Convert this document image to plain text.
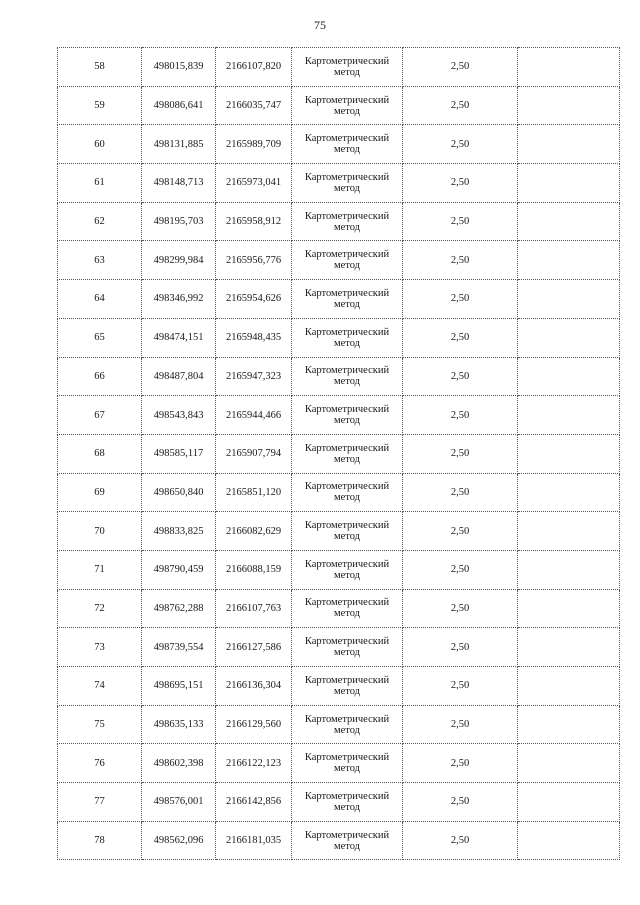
75
58	498015,839	2166107,820	Картометрический
метод	2,50	
59	498086,641	2166035,747	Картометрический
метод	2,50	
60	498131,885	2165989,709	Картометрический
метод	2,50	
61	498148,713	2165973,041	Картометрический
метод	2,50	
62	498195,703	2165958,912	Картометрический
метод	2,50	
63	498299,984	2165956,776	Картометрический
метод	2,50	
64	498346,992	2165954,626	Картометрический
метод	2,50	
65	498474,151	2165948,435	Картометрический
метод	2,50	
66	498487,804	2165947,323	Картометрический
метод	2,50	
67	498543,843	2165944,466	Картометрический
метод	2,50	
68	498585,117	2165907,794	Картометрический
метод	2,50	
69	498650,840	2165851,120	Картометрический
метод	2,50	
70	498833,825	2166082,629	Картометрический
метод	2,50	
71	498790,459	2166088,159	Картометрический
метод	2,50	
72	498762,288	2166107,763	Картометрический
метод	2,50	
73	498739,554	2166127,586	Картометрический
метод	2,50	
74	498695,151	2166136,304	Картометрический
метод	2,50	
75	498635,133	2166129,560	Картометрический
метод	2,50	
76	498602,398	2166122,123	Картометрический
метод	2,50	
77	498576,001	2166142,856	Картометрический
метод	2,50	
78	498562,096	2166181,035	Картометрический
метод	2,50	
